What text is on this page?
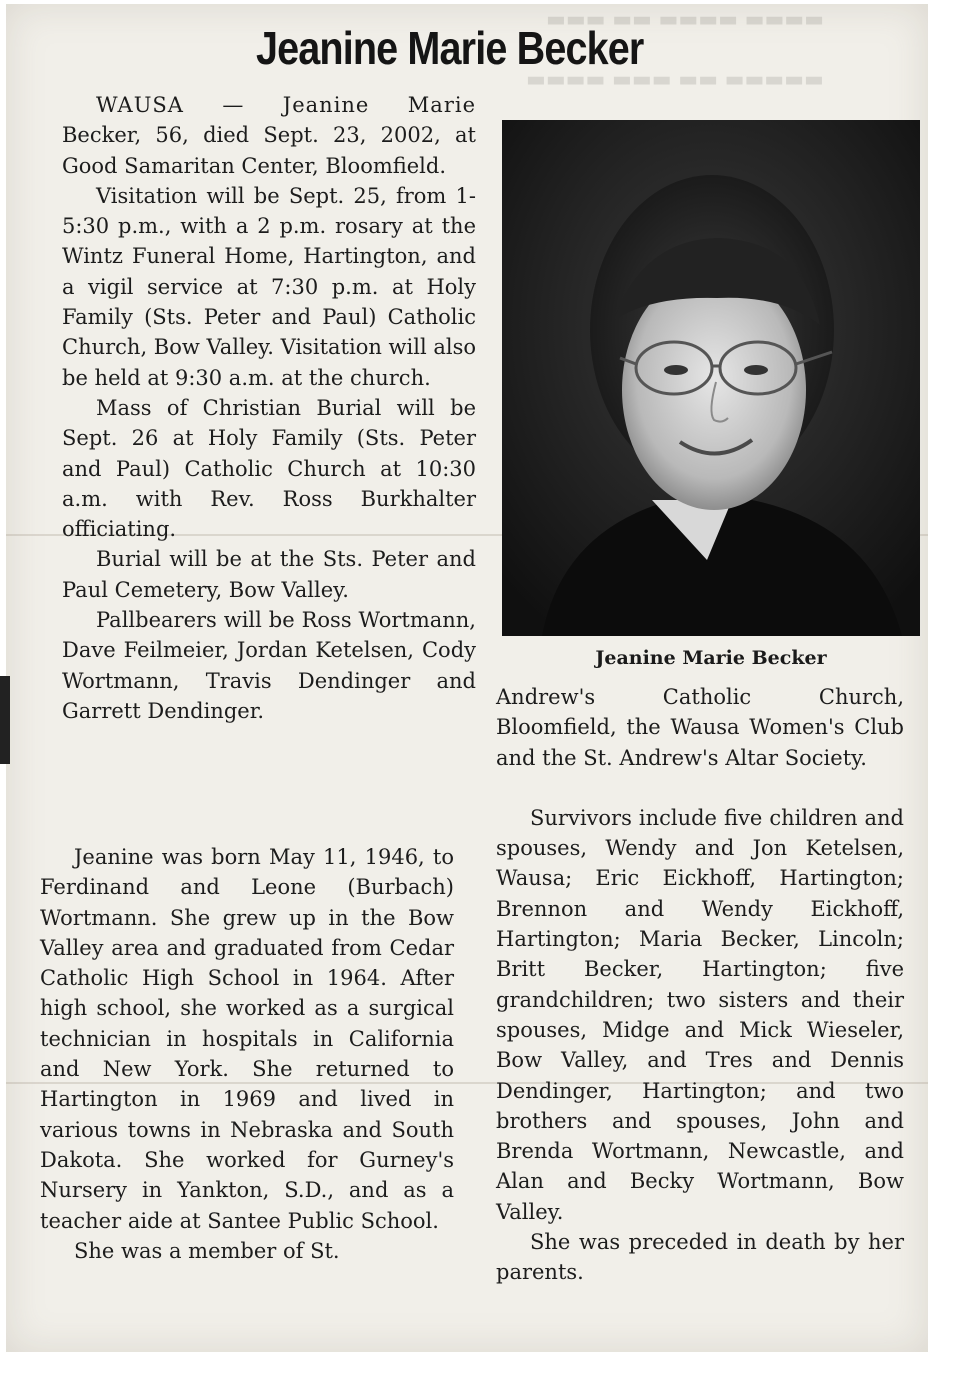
▬▬▬ ▬▬ ▬▬▬▬ ▬▬▬▬
▬▬▬▬ ▬▬▬ ▬▬ ▬▬▬▬▬
Jeanine Marie Becker

WAUSA — Jeanine Marie Becker, 56, died Sept. 23, 2002, at Good Samaritan Center, Bloomfield.

Visitation will be Sept. 25, from 1-5:30 p.m., with a 2 p.m. rosary at the Wintz Funeral Home, Hartington, and a vigil service at 7:30 p.m. at Holy Family (Sts. Peter and Paul) Catholic Church, Bow Valley. Visitation will also be held at 9:30 a.m. at the church.

Mass of Christian Burial will be Sept. 26 at Holy Family (Sts. Peter and Paul) Catholic Church at 10:30 a.m. with Rev. Ross Burkhalter officiating.

Burial will be at the Sts. Peter and Paul Cemetery, Bow Valley.

Pallbearers will be Ross Wortmann, Dave Feilmeier, Jordan Ketelsen, Cody Wortmann, Travis Dendinger and Garrett Dendinger.

Jeanine was born May 11, 1946, to Ferdinand and Leone (Burbach) Wortmann. She grew up in the Bow Valley area and graduated from Cedar Catholic High School in 1964. After high school, she worked as a surgical technician in hospitals in California and New York. She returned to Hartington in 1969 and lived in various towns in Nebraska and South Dakota. She worked for Gurney's Nursery in Yankton, S.D., and as a teacher aide at Santee Public School.

She was a member of St.

Jeanine Marie Becker

Andrew's Catholic Church, Bloomfield, the Wausa Women's Club and the St. Andrew's Altar Society.

Survivors include five children and spouses, Wendy and Jon Ketelsen, Wausa; Eric Eickhoff, Hartington; Brennon and Wendy Eickhoff, Hartington; Maria Becker, Lincoln; Britt Becker, Hartington; five grandchildren; two sisters and their spouses, Midge and Mick Wieseler, Bow Valley, and Tres and Dennis Dendinger, Hartington; and two brothers and spouses, John and Brenda Wortmann, Newcastle, and Alan and Becky Wortmann, Bow Valley.

She was preceded in death by her parents.
